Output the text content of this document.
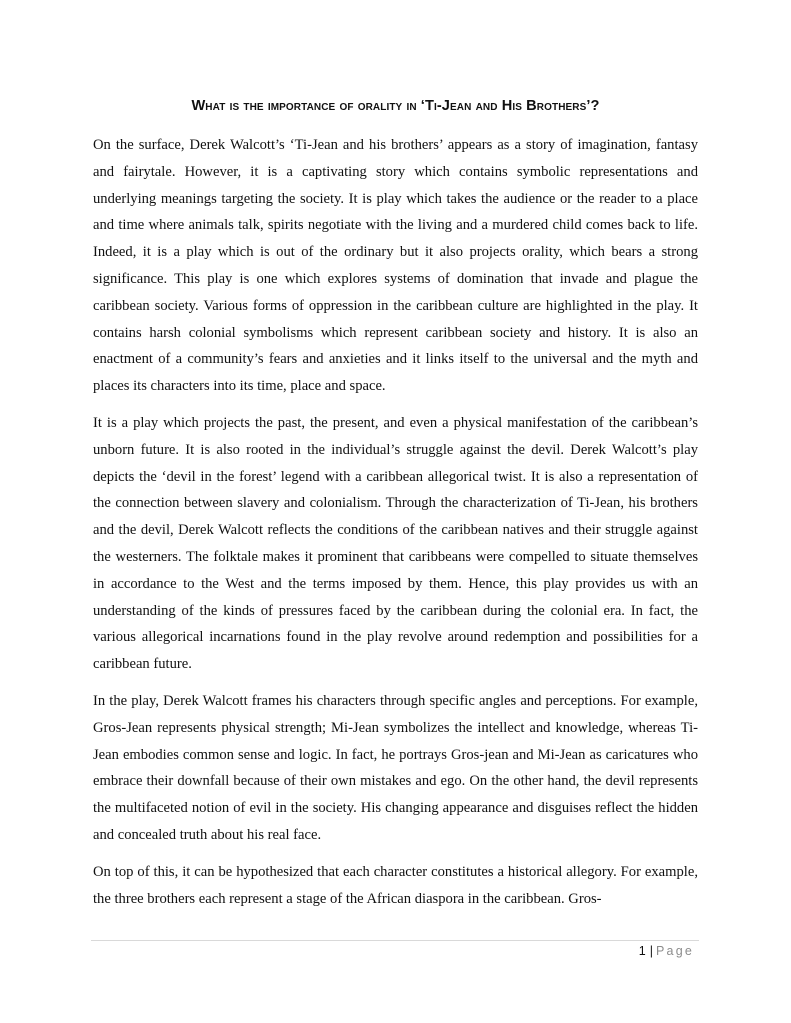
What is the importance of orality in ‘Ti-Jean and His Brothers’?

On the surface, Derek Walcott’s ‘Ti-Jean and his brothers’ appears as a story of imagination, fantasy and fairytale. However, it is a captivating story which contains symbolic representations and underlying meanings targeting the society. It is play which takes the audience or the reader to a place and time where animals talk, spirits negotiate with the living and a murdered child comes back to life. Indeed, it is a play which is out of the ordinary but it also projects orality, which bears a strong significance. This play is one which explores systems of domination that invade and plague the caribbean society. Various forms of oppression in the caribbean culture are highlighted in the play. It contains harsh colonial symbolisms which represent caribbean society and history. It is also an enactment of a community’s fears and anxieties and it links itself to the universal and the myth and places its characters into its time, place and space.

It is a play which projects the past, the present, and even a physical manifestation of the caribbean’s unborn future. It is also rooted in the individual’s struggle against the devil. Derek Walcott’s play depicts the ‘devil in the forest’ legend with a caribbean allegorical twist. It is also a representation of the connection between slavery and colonialism. Through the characterization of Ti-Jean, his brothers and the devil, Derek Walcott reflects the conditions of the caribbean natives and their struggle against the westerners. The folktale makes it prominent that caribbeans were compelled to situate themselves in accordance to the West and the terms imposed by them. Hence, this play provides us with an understanding of the kinds of pressures faced by the caribbean during the colonial era. In fact, the various allegorical incarnations found in the play revolve around redemption and possibilities for a caribbean future.

In the play, Derek Walcott frames his characters through specific angles and perceptions. For example, Gros-Jean represents physical strength; Mi-Jean symbolizes the intellect and knowledge, whereas Ti-Jean embodies common sense and logic. In fact, he portrays Gros-jean and Mi-Jean as caricatures who embrace their downfall because of their own mistakes and ego. On the other hand, the devil represents the multifaceted notion of evil in the society. His changing appearance and disguises reflect the hidden and concealed truth about his real face.

On top of this, it can be hypothesized that each character constitutes a historical allegory. For example, the three brothers each represent a stage of the African diaspora in the caribbean. Gros-

1 | Page
